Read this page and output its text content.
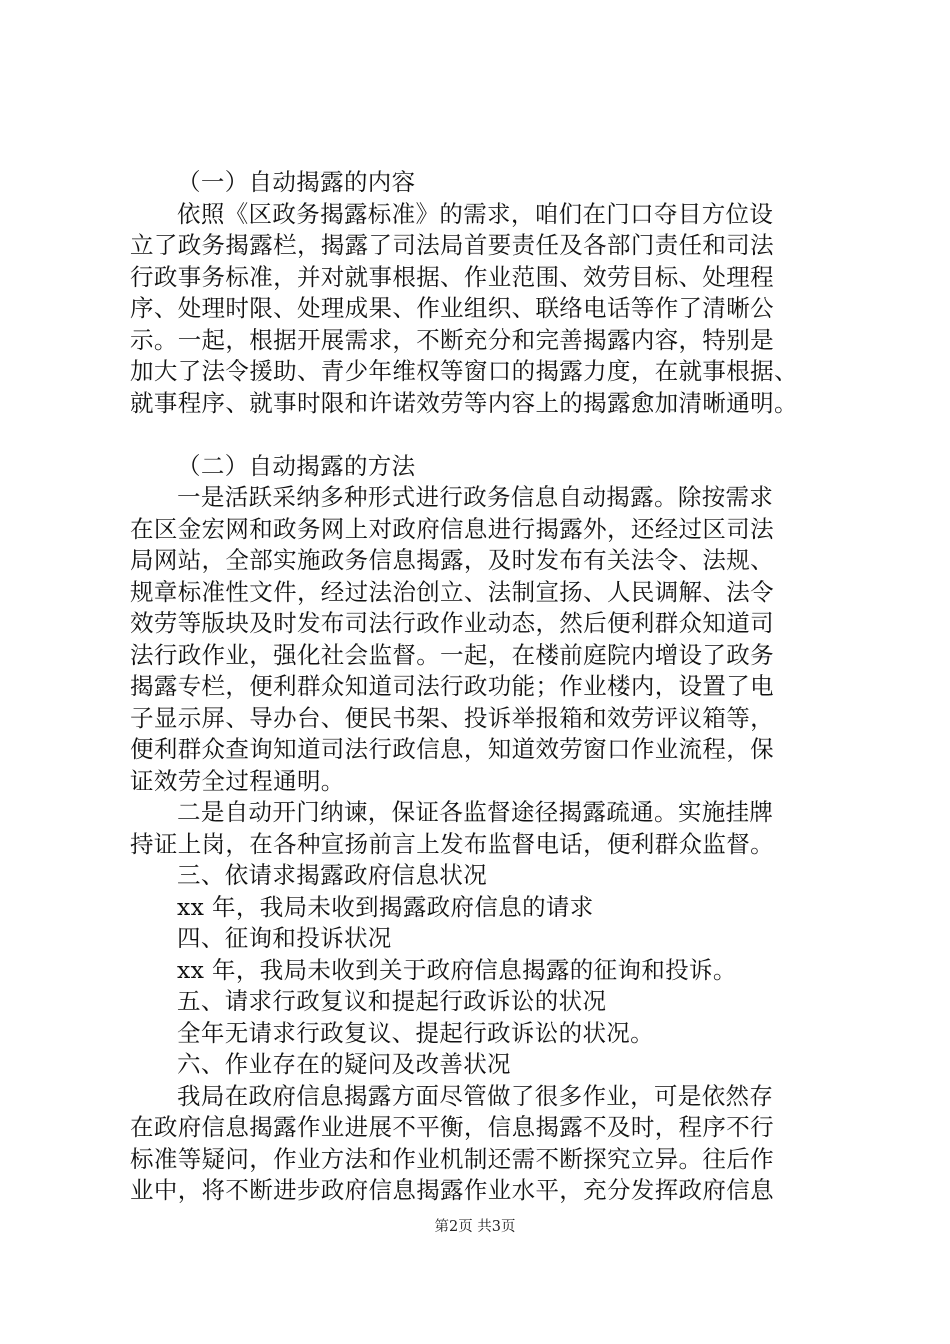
（一）自动揭露的内容
依照《区政务揭露标准》的需求，咱们在门口夺目方位设
立了政务揭露栏，揭露了司法局首要责任及各部门责任和司法
行政事务标准，并对就事根据、作业范围、效劳目标、处理程
序、处理时限、处理成果、作业组织、联络电话等作了清晰公
示。一起，根据开展需求，不断充分和完善揭露内容，特别是
加大了法令援助、青少年维权等窗口的揭露力度，在就事根据、
就事程序、就事时限和许诺效劳等内容上的揭露愈加清晰通明。
（二）自动揭露的方法
一是活跃采纳多种形式进行政务信息自动揭露。除按需求
在区金宏网和政务网上对政府信息进行揭露外，还经过区司法
局网站，全部实施政务信息揭露，及时发布有关法令、法规、
规章标准性文件，经过法治创立、法制宣扬、人民调解、法令
效劳等版块及时发布司法行政作业动态，然后便利群众知道司
法行政作业，强化社会监督。一起，在楼前庭院内增设了政务
揭露专栏，便利群众知道司法行政功能；作业楼内，设置了电
子显示屏、导办台、便民书架、投诉举报箱和效劳评议箱等，
便利群众查询知道司法行政信息，知道效劳窗口作业流程，保
证效劳全过程通明。
二是自动开门纳谏，保证各监督途径揭露疏通。实施挂牌
持证上岗，在各种宣扬前言上发布监督电话，便利群众监督。
三、依请求揭露政府信息状况
xx 年，我局未收到揭露政府信息的请求
四、征询和投诉状况
xx 年，我局未收到关于政府信息揭露的征询和投诉。
五、请求行政复议和提起行政诉讼的状况
全年无请求行政复议、提起行政诉讼的状况。
六、作业存在的疑问及改善状况
我局在政府信息揭露方面尽管做了很多作业，可是依然存
在政府信息揭露作业进展不平衡，信息揭露不及时，程序不行
标准等疑问，作业方法和作业机制还需不断探究立异。往后作
业中，将不断进步政府信息揭露作业水平，充分发挥政府信息
第2页 共3页
